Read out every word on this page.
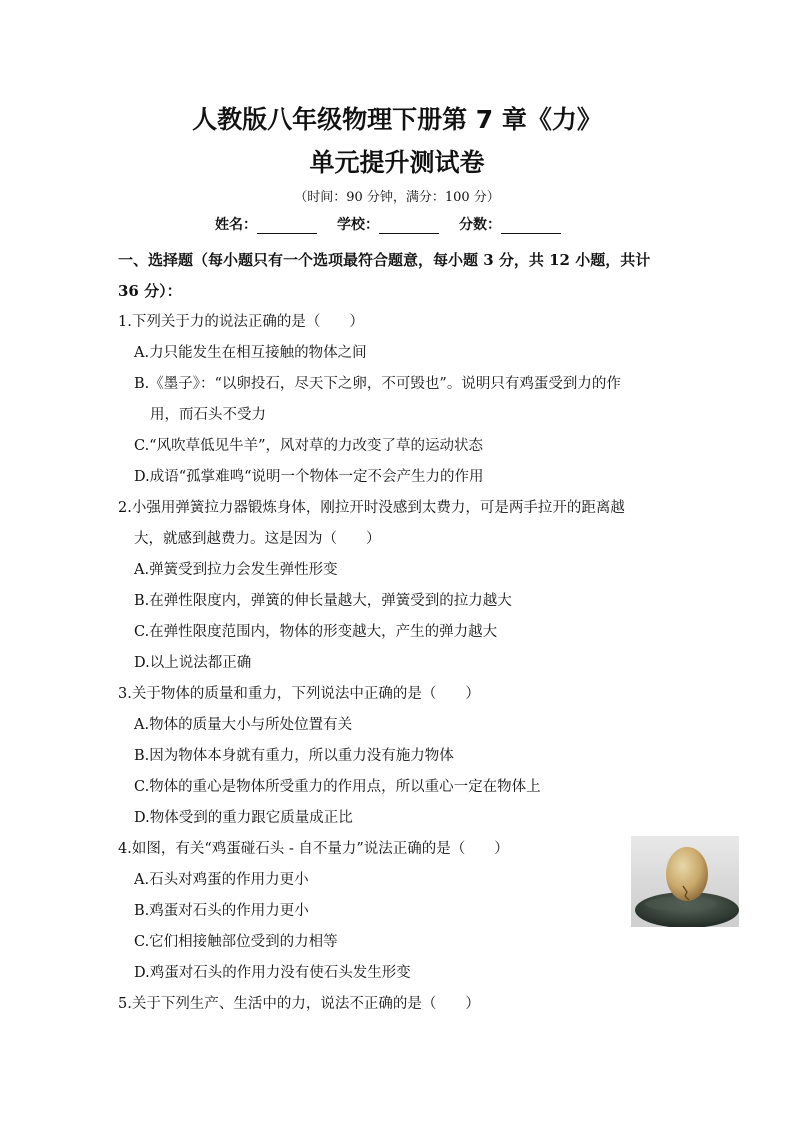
人教版八年级物理下册第 7 章《力》
单元提升测试卷
（时间：90 分钟，满分：100 分）
姓名：	学校：	分数：
一、选择题（每小题只有一个选项最符合题意，每小题 3 分，共 12 小题，共计
36 分）：
1.下列关于力的说法正确的是（　　）
A.力只能发生在相互接触的物体之间
B.《墨子》：“以卵投石，尽天下之卵，不可毁也”。说明只有鸡蛋受到力的作
用，而石头不受力
C.“风吹草低见牛羊”，风对草的力改变了草的运动状态
D.成语“孤掌难鸣“说明一个物体一定不会产生力的作用
2.小强用弹簧拉力器锻炼身体，刚拉开时没感到太费力，可是两手拉开的距离越
大，就感到越费力。这是因为（　　）
A.弹簧受到拉力会发生弹性形变
B.在弹性限度内，弹簧的伸长量越大，弹簧受到的拉力越大
C.在弹性限度范围内，物体的形变越大，产生的弹力越大
D.以上说法都正确
3.关于物体的质量和重力，下列说法中正确的是（　　）
A.物体的质量大小与所处位置有关
B.因为物体本身就有重力，所以重力没有施力物体
C.物体的重心是物体所受重力的作用点，所以重心一定在物体上
D.物体受到的重力跟它质量成正比
4.如图，有关“鸡蛋碰石头 - 自不量力”说法正确的是（　　）
A.石头对鸡蛋的作用力更小
B.鸡蛋对石头的作用力更小
C.它们相接触部位受到的力相等
D.鸡蛋对石头的作用力没有使石头发生形变
5.关于下列生产、生活中的力，说法不正确的是（　　）
